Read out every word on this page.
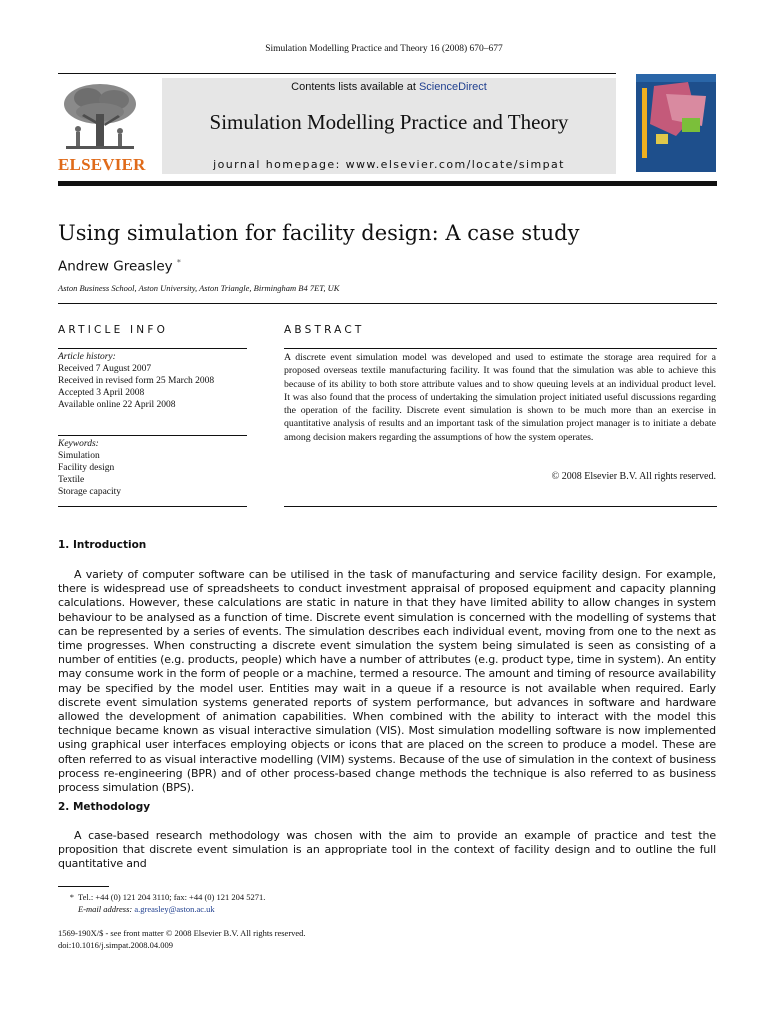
Simulation Modelling Practice and Theory 16 (2008) 670–677
ELSEVIER
Contents lists available at ScienceDirect
Simulation Modelling Practice and Theory
journal homepage: www.elsevier.com/locate/simpat
Using simulation for facility design: A case study
Andrew Greasley *
Aston Business School, Aston University, Aston Triangle, Birmingham B4 7ET, UK
ARTICLE INFO
Article history:
Received 7 August 2007
Received in revised form 25 March 2008
Accepted 3 April 2008
Available online 22 April 2008
Keywords:
Simulation
Facility design
Textile
Storage capacity
ABSTRACT
A discrete event simulation model was developed and used to estimate the storage area required for a proposed overseas textile manufacturing facility. It was found that the simulation was able to achieve this because of its ability to both store attribute values and to show queuing levels at an individual product level. It was also found that the process of undertaking the simulation project initiated useful discussions regarding the operation of the facility. Discrete event simulation is shown to be much more than an exercise in quantitative analysis of results and an important task of the simulation project manager is to initiate a debate among decision makers regarding the assumptions of how the system operates.
© 2008 Elsevier B.V. All rights reserved.
1. Introduction
A variety of computer software can be utilised in the task of manufacturing and service facility design. For example, there is widespread use of spreadsheets to conduct investment appraisal of proposed equipment and capacity planning calculations. However, these calculations are static in nature in that they have limited ability to allow changes in system behaviour to be analysed as a function of time. Discrete event simulation is concerned with the modelling of systems that can be represented by a series of events. The simulation describes each individual event, moving from one to the next as time progresses. When constructing a discrete event simulation the system being simulated is seen as consisting of a number of entities (e.g. products, people) which have a number of attributes (e.g. product type, time in system). An entity may consume work in the form of people or a machine, termed a resource. The amount and timing of resource availability may be specified by the model user. Entities may wait in a queue if a resource is not available when required. Early discrete event simulation systems generated reports of system performance, but advances in software and hardware allowed the development of animation capabilities. When combined with the ability to interact with the model this technique became known as visual interactive simulation (VIS). Most simulation modelling software is now implemented using graphical user interfaces employing objects or icons that are placed on the screen to produce a model. These are often referred to as visual interactive modelling (VIM) systems. Because of the use of simulation in the context of business process re-engineering (BPR) and of other process-based change methods the technique is also referred to as business process simulation (BPS).
2. Methodology
A case-based research methodology was chosen with the aim to provide an example of practice and test the proposition that discrete event simulation is an appropriate tool in the context of facility design and to outline the full quantitative and
* Tel.: +44 (0) 121 204 3110; fax: +44 (0) 121 204 5271.
E-mail address: a.greasley@aston.ac.uk
1569-190X/$ - see front matter © 2008 Elsevier B.V. All rights reserved.
doi:10.1016/j.simpat.2008.04.009
